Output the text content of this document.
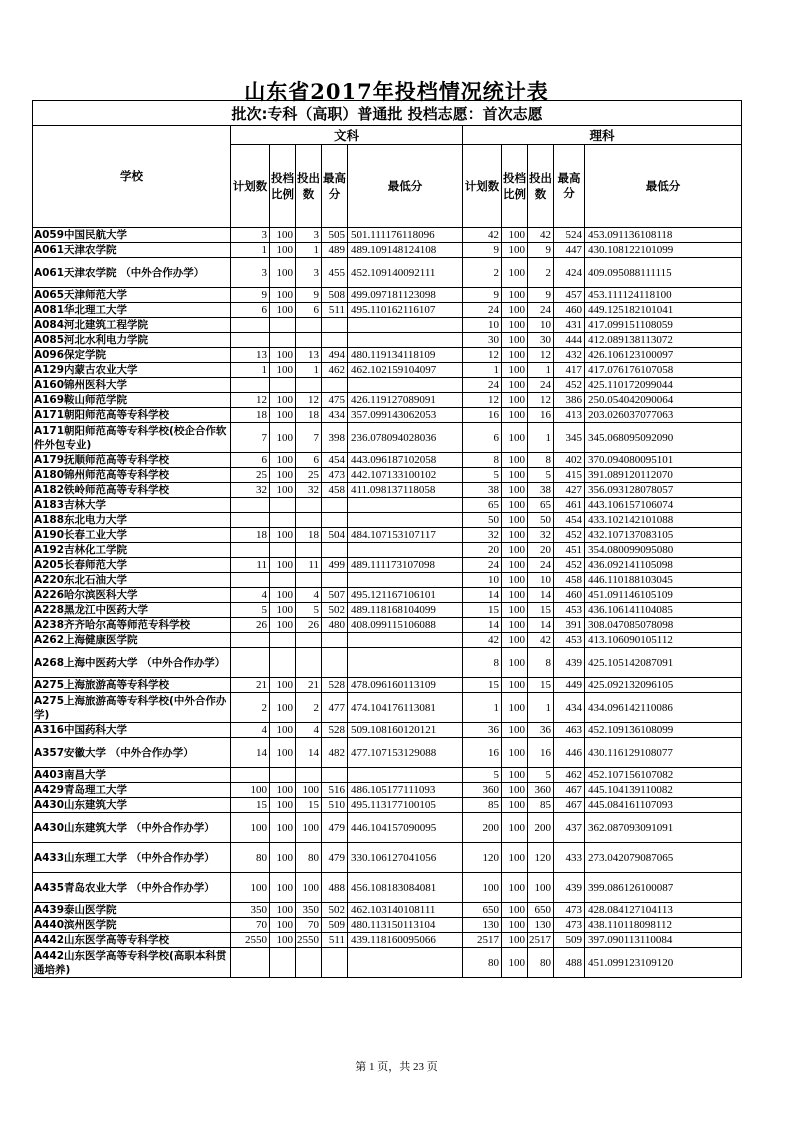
山东省2017年投档情况统计表
批次:专科（高职）普通批 投档志愿：首次志愿										
学校	文科					理科				
	计划数	投档比例	投出数	最高分	最低分	计划数	投档比例	投出数	最高分	最低分
A059中国民航大学	3	100	3	505	501.111176118096	42	100	42	524	453.091136108118
A061天津农学院	1	100	1	489	489.109148124108	9	100	9	447	430.108122101099
A061天津农学院 （中外合作办学）	3	100	3	455	452.109140092111	2	100	2	424	409.095088111115
A065天津师范大学	9	100	9	508	499.097181123098	9	100	9	457	453.111124118100
A081华北理工大学	6	100	6	511	495.110162116107	24	100	24	460	449.125182101041
A084河北建筑工程学院						10	100	10	431	417.099151108059
A085河北水利电力学院						30	100	30	444	412.089138113072
A096保定学院	13	100	13	494	480.119134118109	12	100	12	432	426.106123100097
A129内蒙古农业大学	1	100	1	462	462.102159104097	1	100	1	417	417.076176107058
A160锦州医科大学						24	100	24	452	425.110172099044
A169鞍山师范学院	12	100	12	475	426.119127089091	12	100	12	386	250.054042090064
A171朝阳师范高等专科学校	18	100	18	434	357.099143062053	16	100	16	413	203.026037077063
A171朝阳师范高等专科学校(校企合作软件外包专业)	7	100	7	398	236.078094028036	6	100	1	345	345.068095092090
A179抚顺师范高等专科学校	6	100	6	454	443.096187102058	8	100	8	402	370.094080095101
A180锦州师范高等专科学校	25	100	25	473	442.107133100102	5	100	5	415	391.089120112070
A182铁岭师范高等专科学校	32	100	32	458	411.098137118058	38	100	38	427	356.093128078057
A183吉林大学						65	100	65	461	443.106157106074
A188东北电力大学						50	100	50	454	433.102142101088
A190长春工业大学	18	100	18	504	484.107153107117	32	100	32	452	432.107137083105
A192吉林化工学院						20	100	20	451	354.080099095080
A205长春师范大学	11	100	11	499	489.111173107098	24	100	24	452	436.092141105098
A220东北石油大学						10	100	10	458	446.110188103045
A226哈尔滨医科大学	4	100	4	507	495.121167106101	14	100	14	460	451.091146105109
A228黑龙江中医药大学	5	100	5	502	489.118168104099	15	100	15	453	436.106141104085
A238齐齐哈尔高等师范专科学校	26	100	26	480	408.099115106088	14	100	14	391	308.047085078098
A262上海健康医学院						42	100	42	453	413.106090105112
A268上海中医药大学 （中外合作办学）						8	100	8	439	425.105142087091
A275上海旅游高等专科学校	21	100	21	528	478.096160113109	15	100	15	449	425.092132096105
A275上海旅游高等专科学校(中外合作办学)	2	100	2	477	474.104176113081	1	100	1	434	434.096142110086
A316中国药科大学	4	100	4	528	509.108160120121	36	100	36	463	452.109136108099
A357安徽大学 （中外合作办学）	14	100	14	482	477.107153129088	16	100	16	446	430.116129108077
A403南昌大学						5	100	5	462	452.107156107082
A429青岛理工大学	100	100	100	516	486.105177111093	360	100	360	467	445.104139110082
A430山东建筑大学	15	100	15	510	495.113177100105	85	100	85	467	445.084161107093
A430山东建筑大学 （中外合作办学）	100	100	100	479	446.104157090095	200	100	200	437	362.087093091091
A433山东理工大学 （中外合作办学）	80	100	80	479	330.106127041056	120	100	120	433	273.042079087065
A435青岛农业大学 （中外合作办学）	100	100	100	488	456.108183084081	100	100	100	439	399.086126100087
A439泰山医学院	350	100	350	502	462.103140108111	650	100	650	473	428.084127104113
A440滨州医学院	70	100	70	509	480.113150113104	130	100	130	473	438.110118098112
A442山东医学高等专科学校	2550	100	2550	511	439.118160095066	2517	100	2517	509	397.090113110084
A442山东医学高等专科学校(高职本科贯通培养)						80	100	80	488	451.099123109120
第 1 页，共 23 页
